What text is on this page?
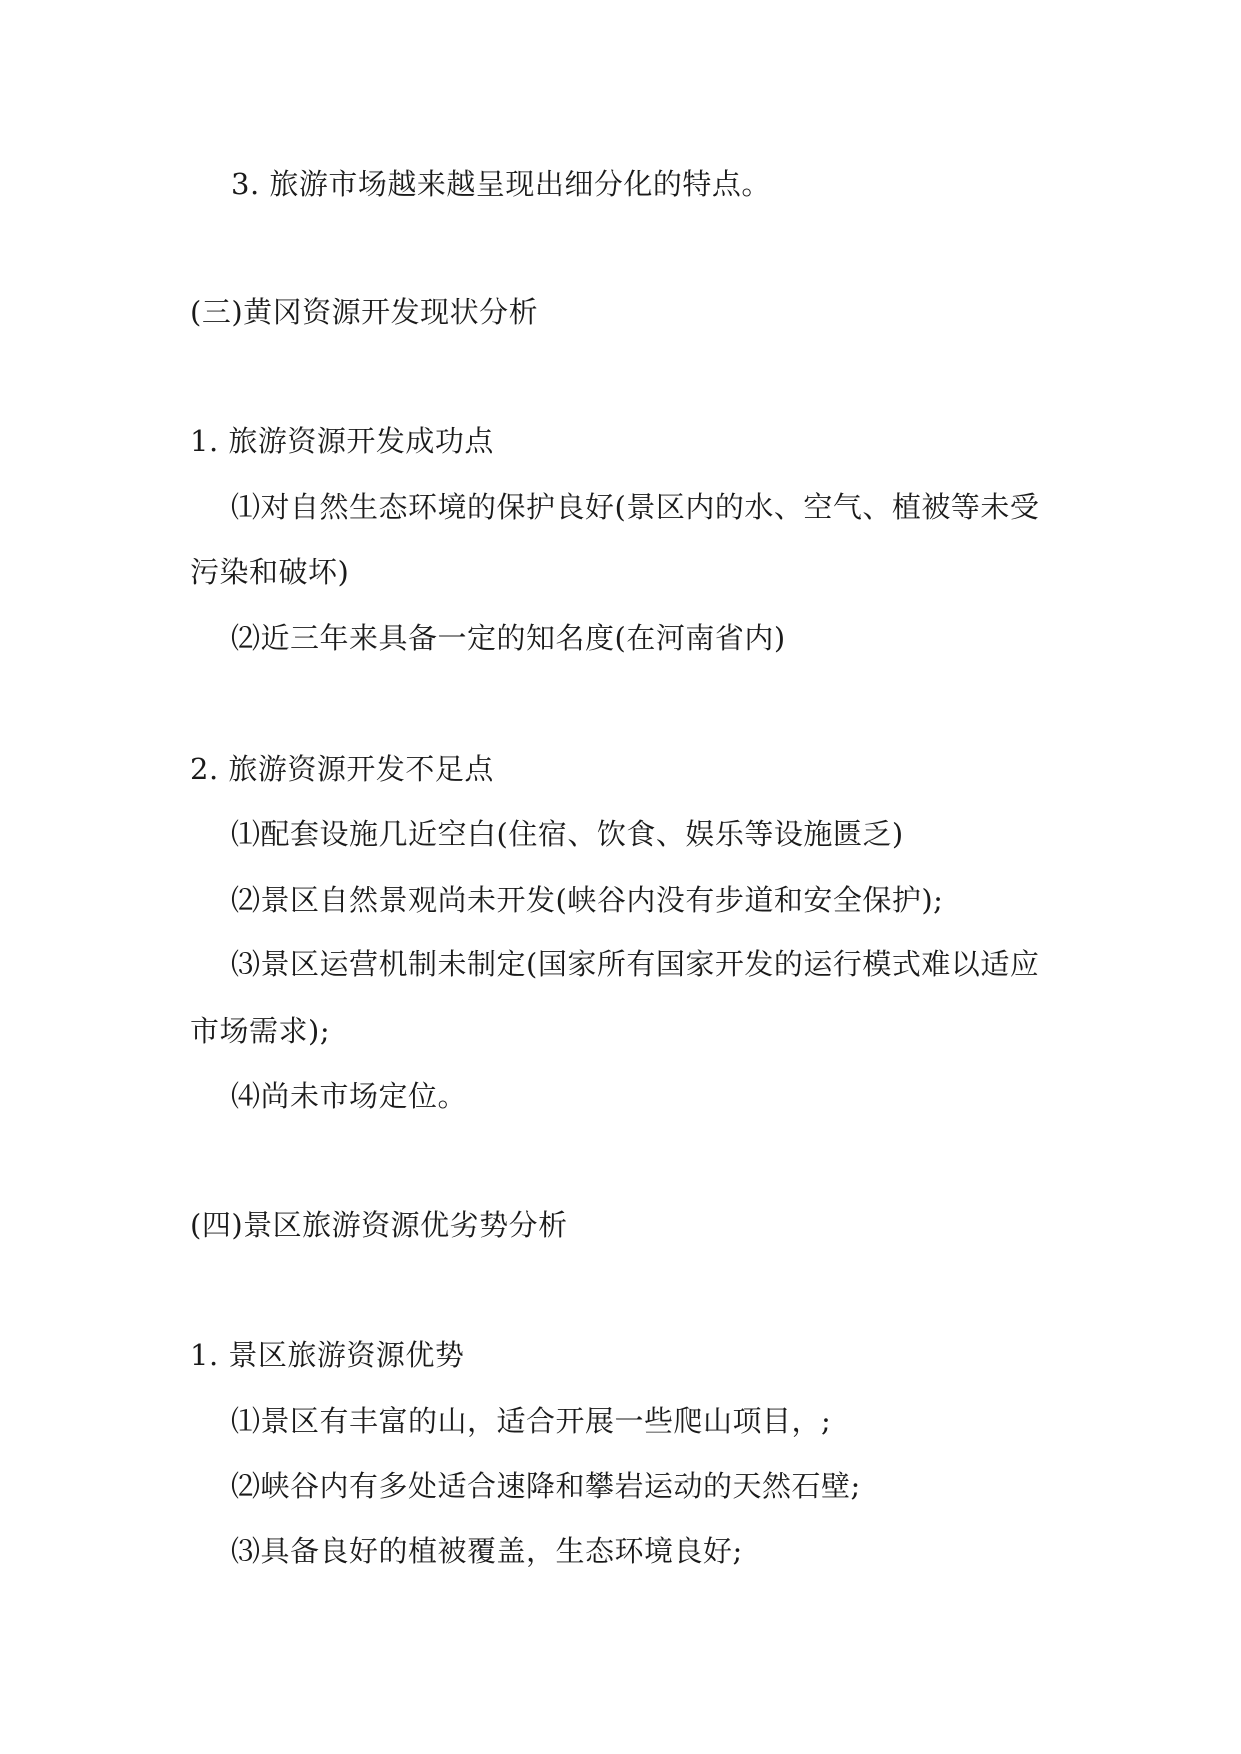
3. 旅游市场越来越呈现出细分化的特点。
(三)黄冈资源开发现状分析
1. 旅游资源开发成功点
⑴对自然生态环境的保护良好(景区内的水、空气、植被等未受
污染和破坏)
⑵近三年来具备一定的知名度(在河南省内)
2. 旅游资源开发不足点
⑴配套设施几近空白(住宿、饮食、娱乐等设施匮乏)
⑵景区自然景观尚未开发(峡谷内没有步道和安全保护);
⑶景区运营机制未制定(国家所有国家开发的运行模式难以适应
市场需求);
⑷尚未市场定位。
(四)景区旅游资源优劣势分析
1. 景区旅游资源优势
⑴景区有丰富的山，适合开展一些爬山项目，;
⑵峡谷内有多处适合速降和攀岩运动的天然石壁;
⑶具备良好的植被覆盖，生态环境良好;
